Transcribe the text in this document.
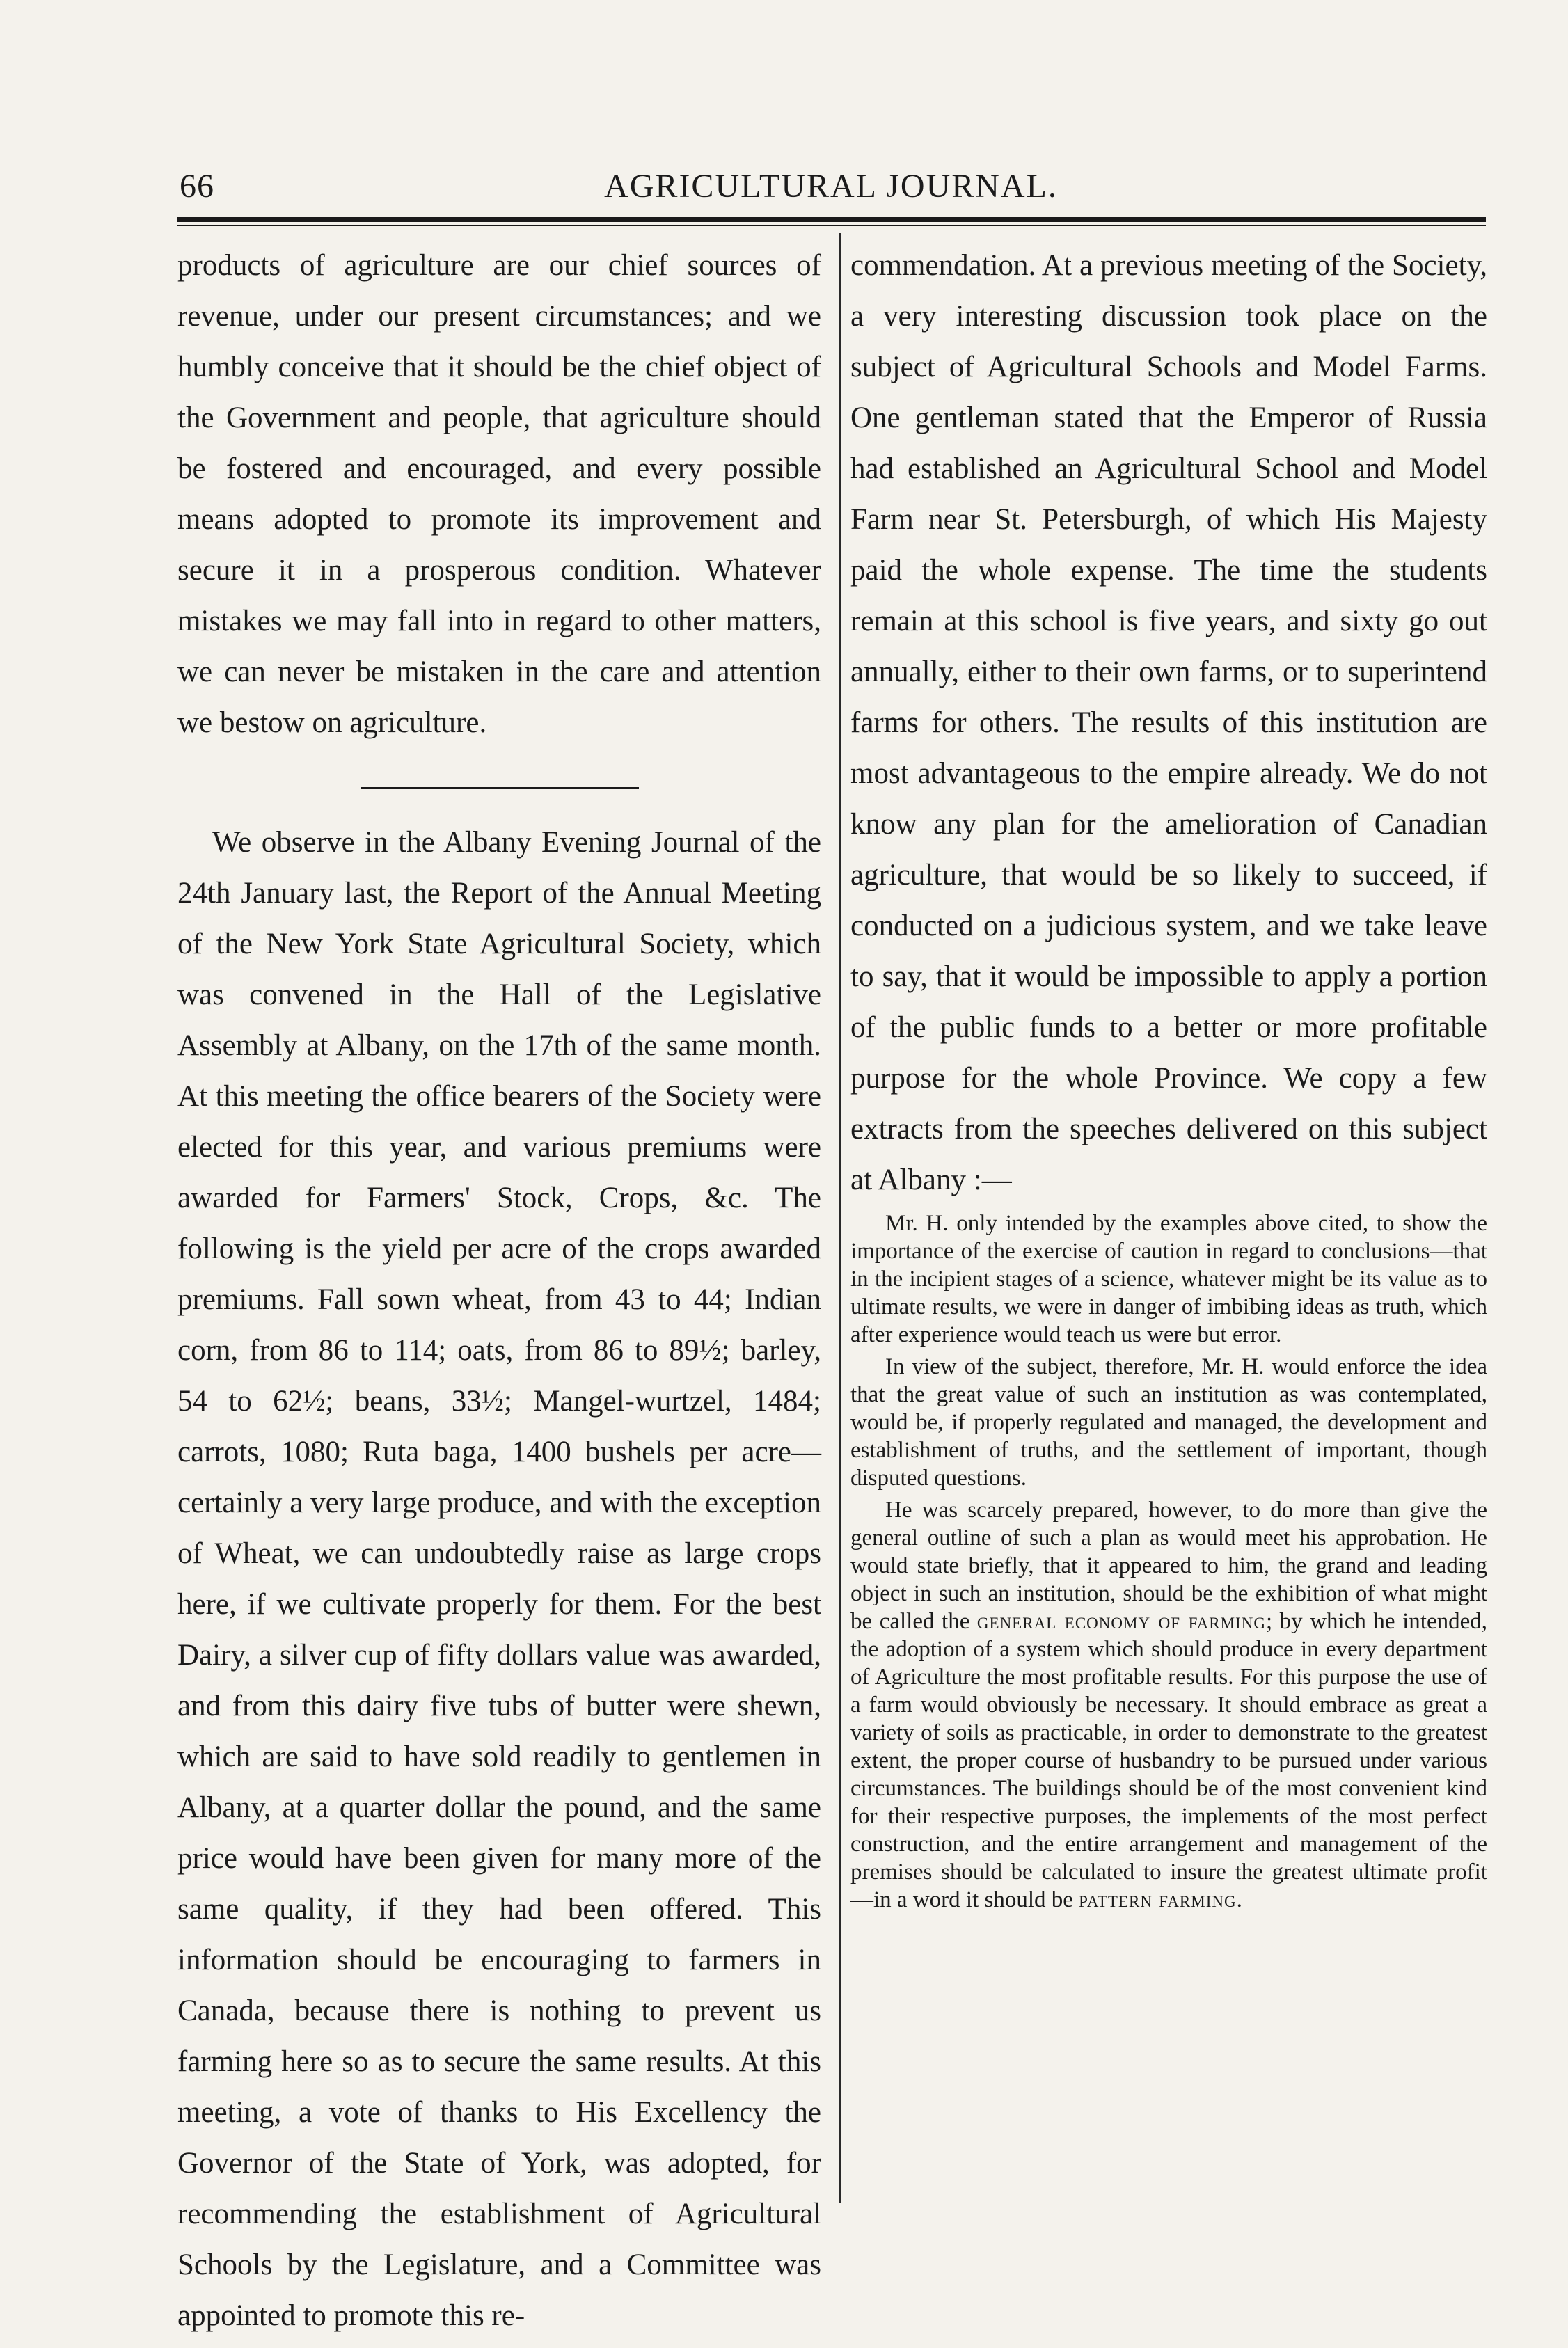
66	AGRICULTURAL JOURNAL.

products of agriculture are our chief sources of revenue, under our present circumstances; and we humbly conceive that it should be the chief object of the Government and people, that agriculture should be fostered and encouraged, and every possible means adopted to promote its improvement and secure it in a prosperous condition. Whatever mistakes we may fall into in regard to other matters, we can never be mistaken in the care and attention we bestow on agriculture.

We observe in the Albany Evening Journal of the 24th January last, the Report of the Annual Meeting of the New York State Agricultural Society, which was convened in the Hall of the Legislative Assembly at Albany, on the 17th of the same month. At this meeting the office bearers of the Society were elected for this year, and various premiums were awarded for Farmers' Stock, Crops, &c. The following is the yield per acre of the crops awarded premiums. Fall sown wheat, from 43 to 44; Indian corn, from 86 to 114; oats, from 86 to 89½; barley, 54 to 62½; beans, 33½; Mangel-wurtzel, 1484; carrots, 1080; Ruta baga, 1400 bushels per acre—certainly a very large produce, and with the exception of Wheat, we can undoubtedly raise as large crops here, if we cultivate properly for them. For the best Dairy, a silver cup of fifty dollars value was awarded, and from this dairy five tubs of butter were shewn, which are said to have sold readily to gentlemen in Albany, at a quarter dollar the pound, and the same price would have been given for many more of the same quality, if they had been offered. This information should be encouraging to farmers in Canada, because there is nothing to prevent us farming here so as to secure the same results. At this meeting, a vote of thanks to His Excellency the Governor of the State of York, was adopted, for recommending the establishment of Agricultural Schools by the Legislature, and a Committee was appointed to promote this re-

commendation. At a previous meeting of the Society, a very interesting discussion took place on the subject of Agricultural Schools and Model Farms. One gentleman stated that the Emperor of Russia had established an Agricultural School and Model Farm near St. Petersburgh, of which His Majesty paid the whole expense. The time the students remain at this school is five years, and sixty go out annually, either to their own farms, or to superintend farms for others. The results of this institution are most advantageous to the empire already. We do not know any plan for the amelioration of Canadian agriculture, that would be so likely to succeed, if conducted on a judicious system, and we take leave to say, that it would be impossible to apply a portion of the public funds to a better or more profitable purpose for the whole Province. We copy a few extracts from the speeches delivered on this subject at Albany :—

Mr. H. only intended by the examples above cited, to show the importance of the exercise of caution in regard to conclusions—that in the incipient stages of a science, whatever might be its value as to ultimate results, we were in danger of imbibing ideas as truth, which after experience would teach us were but error.

In view of the subject, therefore, Mr. H. would enforce the idea that the great value of such an institution as was contemplated, would be, if properly regulated and managed, the development and establishment of truths, and the settlement of important, though disputed questions.

He was scarcely prepared, however, to do more than give the general outline of such a plan as would meet his approbation. He would state briefly, that it appeared to him, the grand and leading object in such an institution, should be the exhibition of what might be called the general economy of farming; by which he intended, the adoption of a system which should produce in every department of Agriculture the most profitable results. For this purpose the use of a farm would obviously be necessary. It should embrace as great a variety of soils as practicable, in order to demonstrate to the greatest extent, the proper course of husbandry to be pursued under various circumstances. The buildings should be of the most convenient kind for their respective purposes, the implements of the most perfect construction, and the entire arrangement and management of the premises should be calculated to insure the greatest ultimate profit —in a word it should be pattern farming.
